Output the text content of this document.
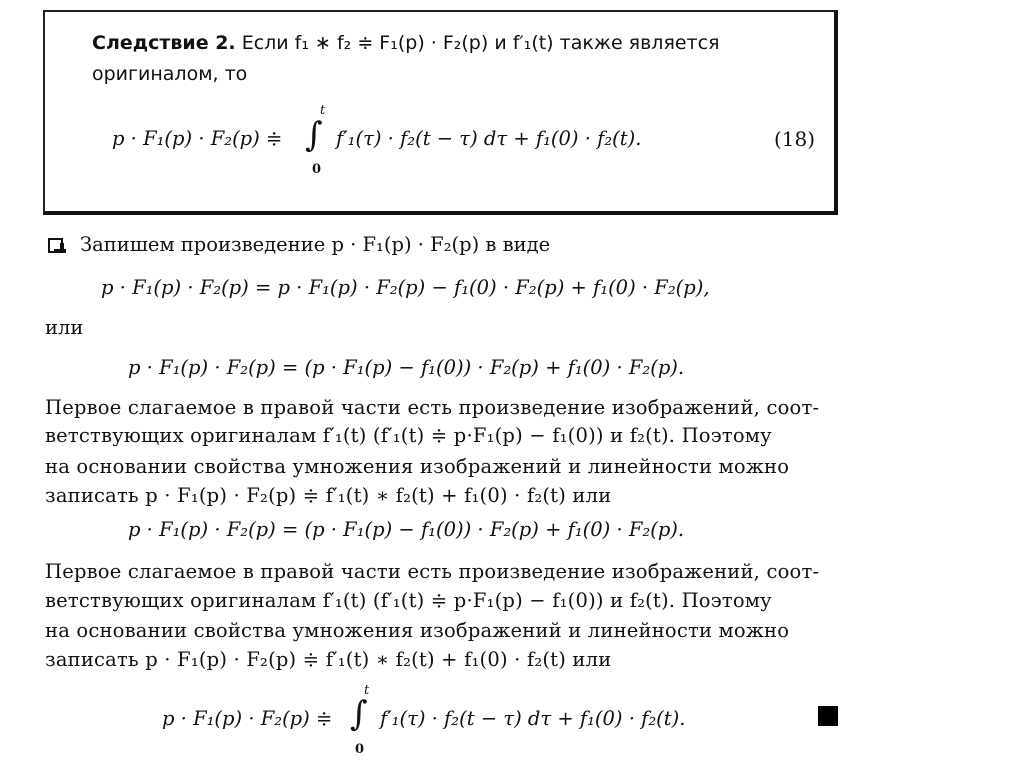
Следствие 2. Если f₁ ∗ f₂ ≑ F₁(p) · F₂(p) и f′₁(t) также является
оригиналом, то
p · F₁(p) · F₂(p) ≑
t
∫
0
f′₁(τ) · f₂(t − τ) dτ + f₁(0) · f₂(t).	(18)
Запишем произведение p · F₁(p) · F₂(p) в виде
p · F₁(p) · F₂(p) = p · F₁(p) · F₂(p) − f₁(0) · F₂(p) + f₁(0) · F₂(p),
или
p · F₁(p) · F₂(p) = (p · F₁(p) − f₁(0)) · F₂(p) + f₁(0) · F₂(p).
Первое слагаемое в правой части есть произведение изображений, соот-
ветствующих оригиналам f′₁(t) (f′₁(t) ≑ p·F₁(p) − f₁(0)) и f₂(t). Поэтому
на основании свойства умножения изображений и линейности можно
записать p · F₁(p) · F₂(p) ≑ f′₁(t) ∗ f₂(t) + f₁(0) · f₂(t) или
p · F₁(p) · F₂(p) = (p · F₁(p) − f₁(0)) · F₂(p) + f₁(0) · F₂(p).
Первое слагаемое в правой части есть произведение изображений, соот-
ветствующих оригиналам f′₁(t) (f′₁(t) ≑ p·F₁(p) − f₁(0)) и f₂(t). Поэтому
на основании свойства умножения изображений и линейности можно
записать p · F₁(p) · F₂(p) ≑ f′₁(t) ∗ f₂(t) + f₁(0) · f₂(t) или
p · F₁(p) · F₂(p) ≑
t
∫
0
f′₁(τ) · f₂(t − τ) dτ + f₁(0) · f₂(t).
